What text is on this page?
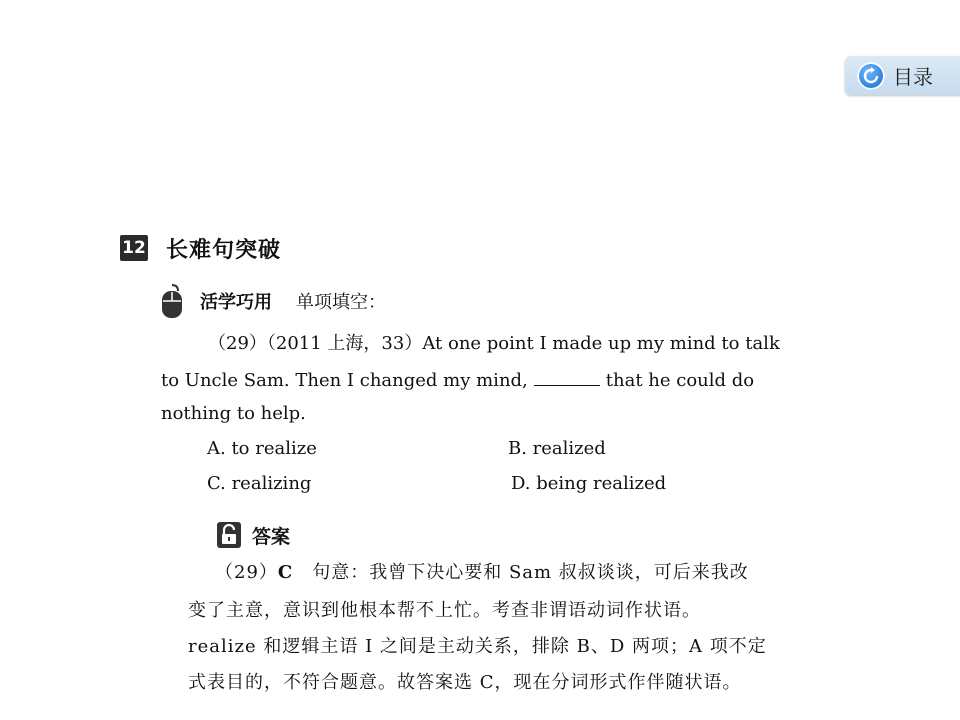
目录
12 长难句突破
活学巧用 单项填空：
（29）（2011 上海，33）At one point I made up my mind to talk
to Uncle Sam. Then I changed my mind,	that he could do
nothing to help.
A. to realize	B. realized
C. realizing	D. being realized
答案
（29）C　句意：我曾下决心要和 Sam 叔叔谈谈，可后来我改
变了主意，意识到他根本帮不上忙。考查非谓语动词作状语。
realize 和逻辑主语 I 之间是主动关系，排除 B、D 两项；A 项不定
式表目的，不符合题意。故答案选 C，现在分词形式作伴随状语。
